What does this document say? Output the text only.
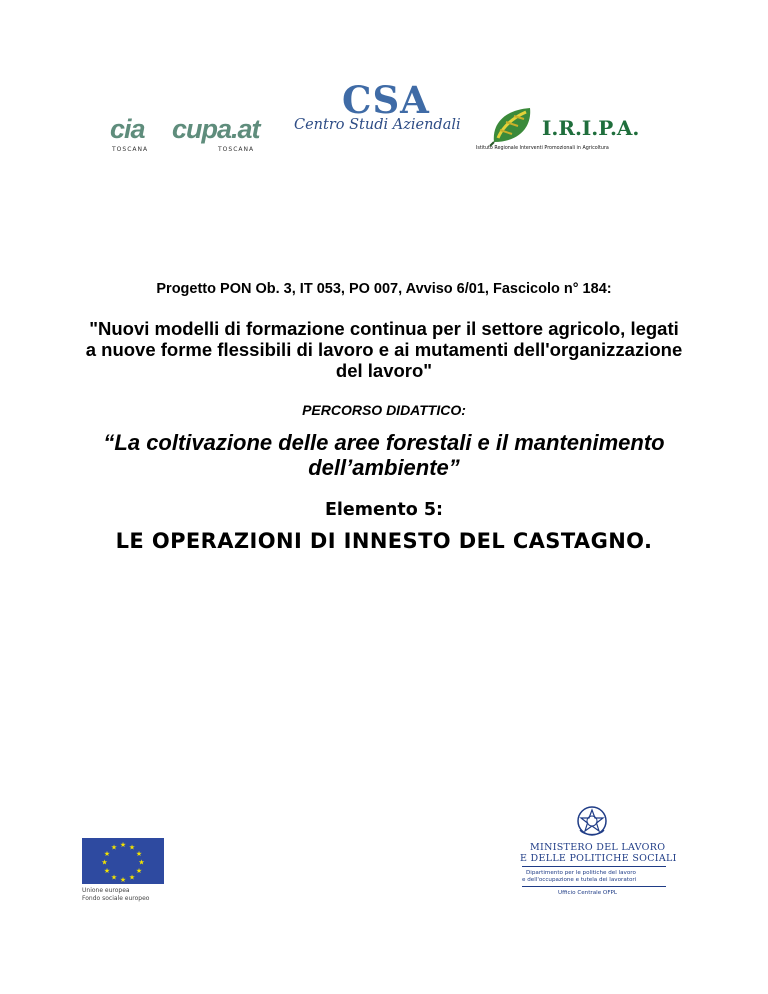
cia
TOSCANA
cupa.at
TOSCANA
CSA
Centro Studi Aziendali	I.R.I.P.A.
Istituto Regionale Interventi Promozionali in Agricoltura

Progetto PON Ob. 3, IT 053, PO 007, Avviso 6/01, Fascicolo n° 184:

"Nuovi modelli di formazione continua per il settore agricolo, legati a nuove forme flessibili di lavoro e ai mutamenti dell'organizzazione del lavoro"

PERCORSO DIDATTICO:

“La coltivazione delle aree forestali e il mantenimento dell’ambiente”

Elemento 5:

LE OPERAZIONI DI INNESTO DEL CASTAGNO.

★ ★
★
★
★
★
★
★
★
★
★
★
Unione europea
Fondo sociale europeo
MINISTERO DEL LAVORO
E DELLE POLITICHE SOCIALI
Dipartimento per le politiche del lavoro
e dell'occupazione e tutela dei lavoratori
Ufficio Centrale OFPL
